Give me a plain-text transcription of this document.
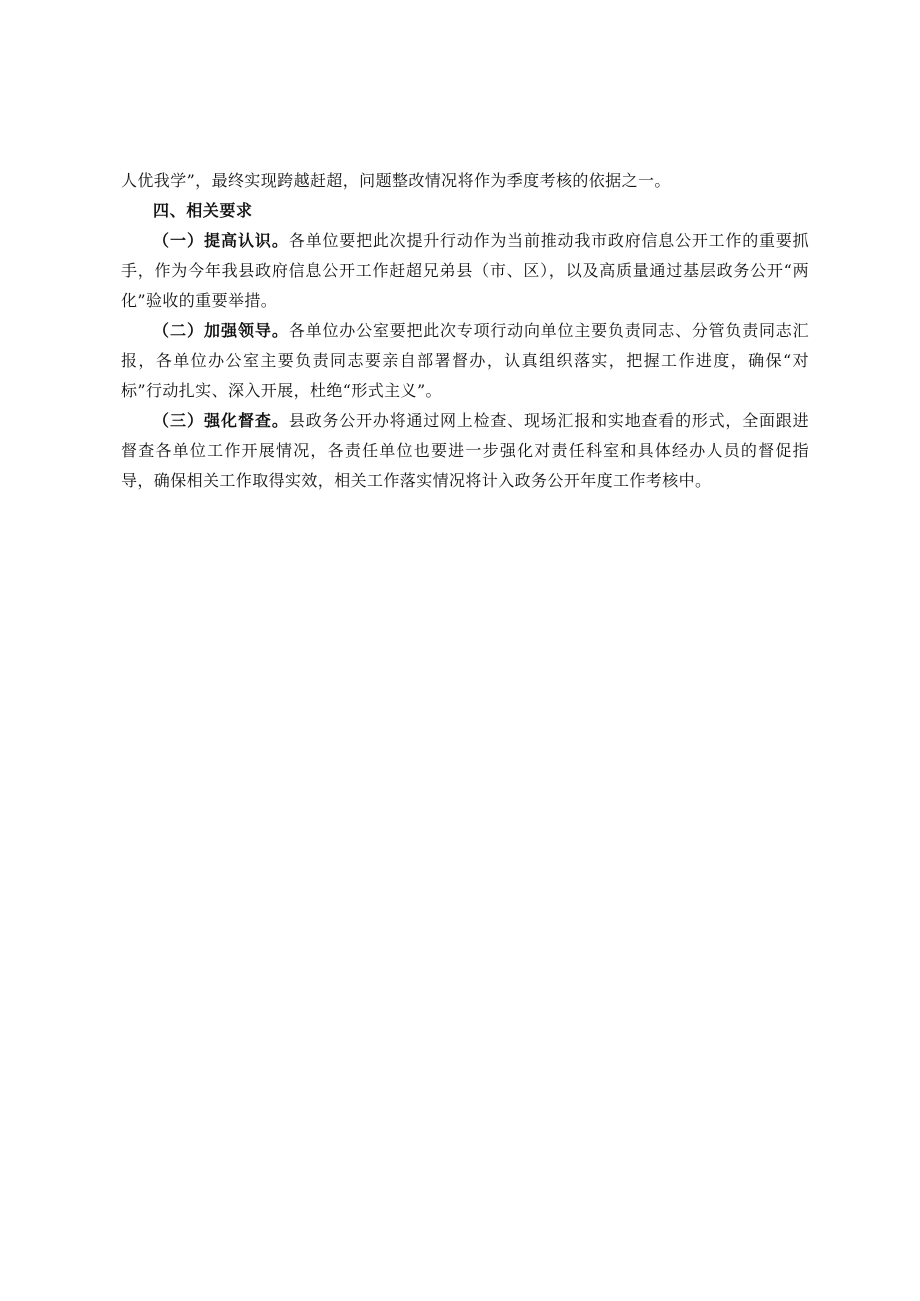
人优我学”，最终实现跨越赶超，问题整改情况将作为季度考核的依据之一。

四、相关要求

（一）提高认识。各单位要把此次提升行动作为当前推动我市政府信息公开工作的重要抓手，作为今年我县政府信息公开工作赶超兄弟县（市、区），以及高质量通过基层政务公开“两化”验收的重要举措。

（二）加强领导。各单位办公室要把此次专项行动向单位主要负责同志、分管负责同志汇报，各单位办公室主要负责同志要亲自部署督办，认真组织落实，把握工作进度，确保“对标”行动扎实、深入开展，杜绝“形式主义”。

（三）强化督查。县政务公开办将通过网上检查、现场汇报和实地查看的形式，全面跟进督查各单位工作开展情况，各责任单位也要进一步强化对责任科室和具体经办人员的督促指导，确保相关工作取得实效，相关工作落实情况将计入政务公开年度工作考核中。
